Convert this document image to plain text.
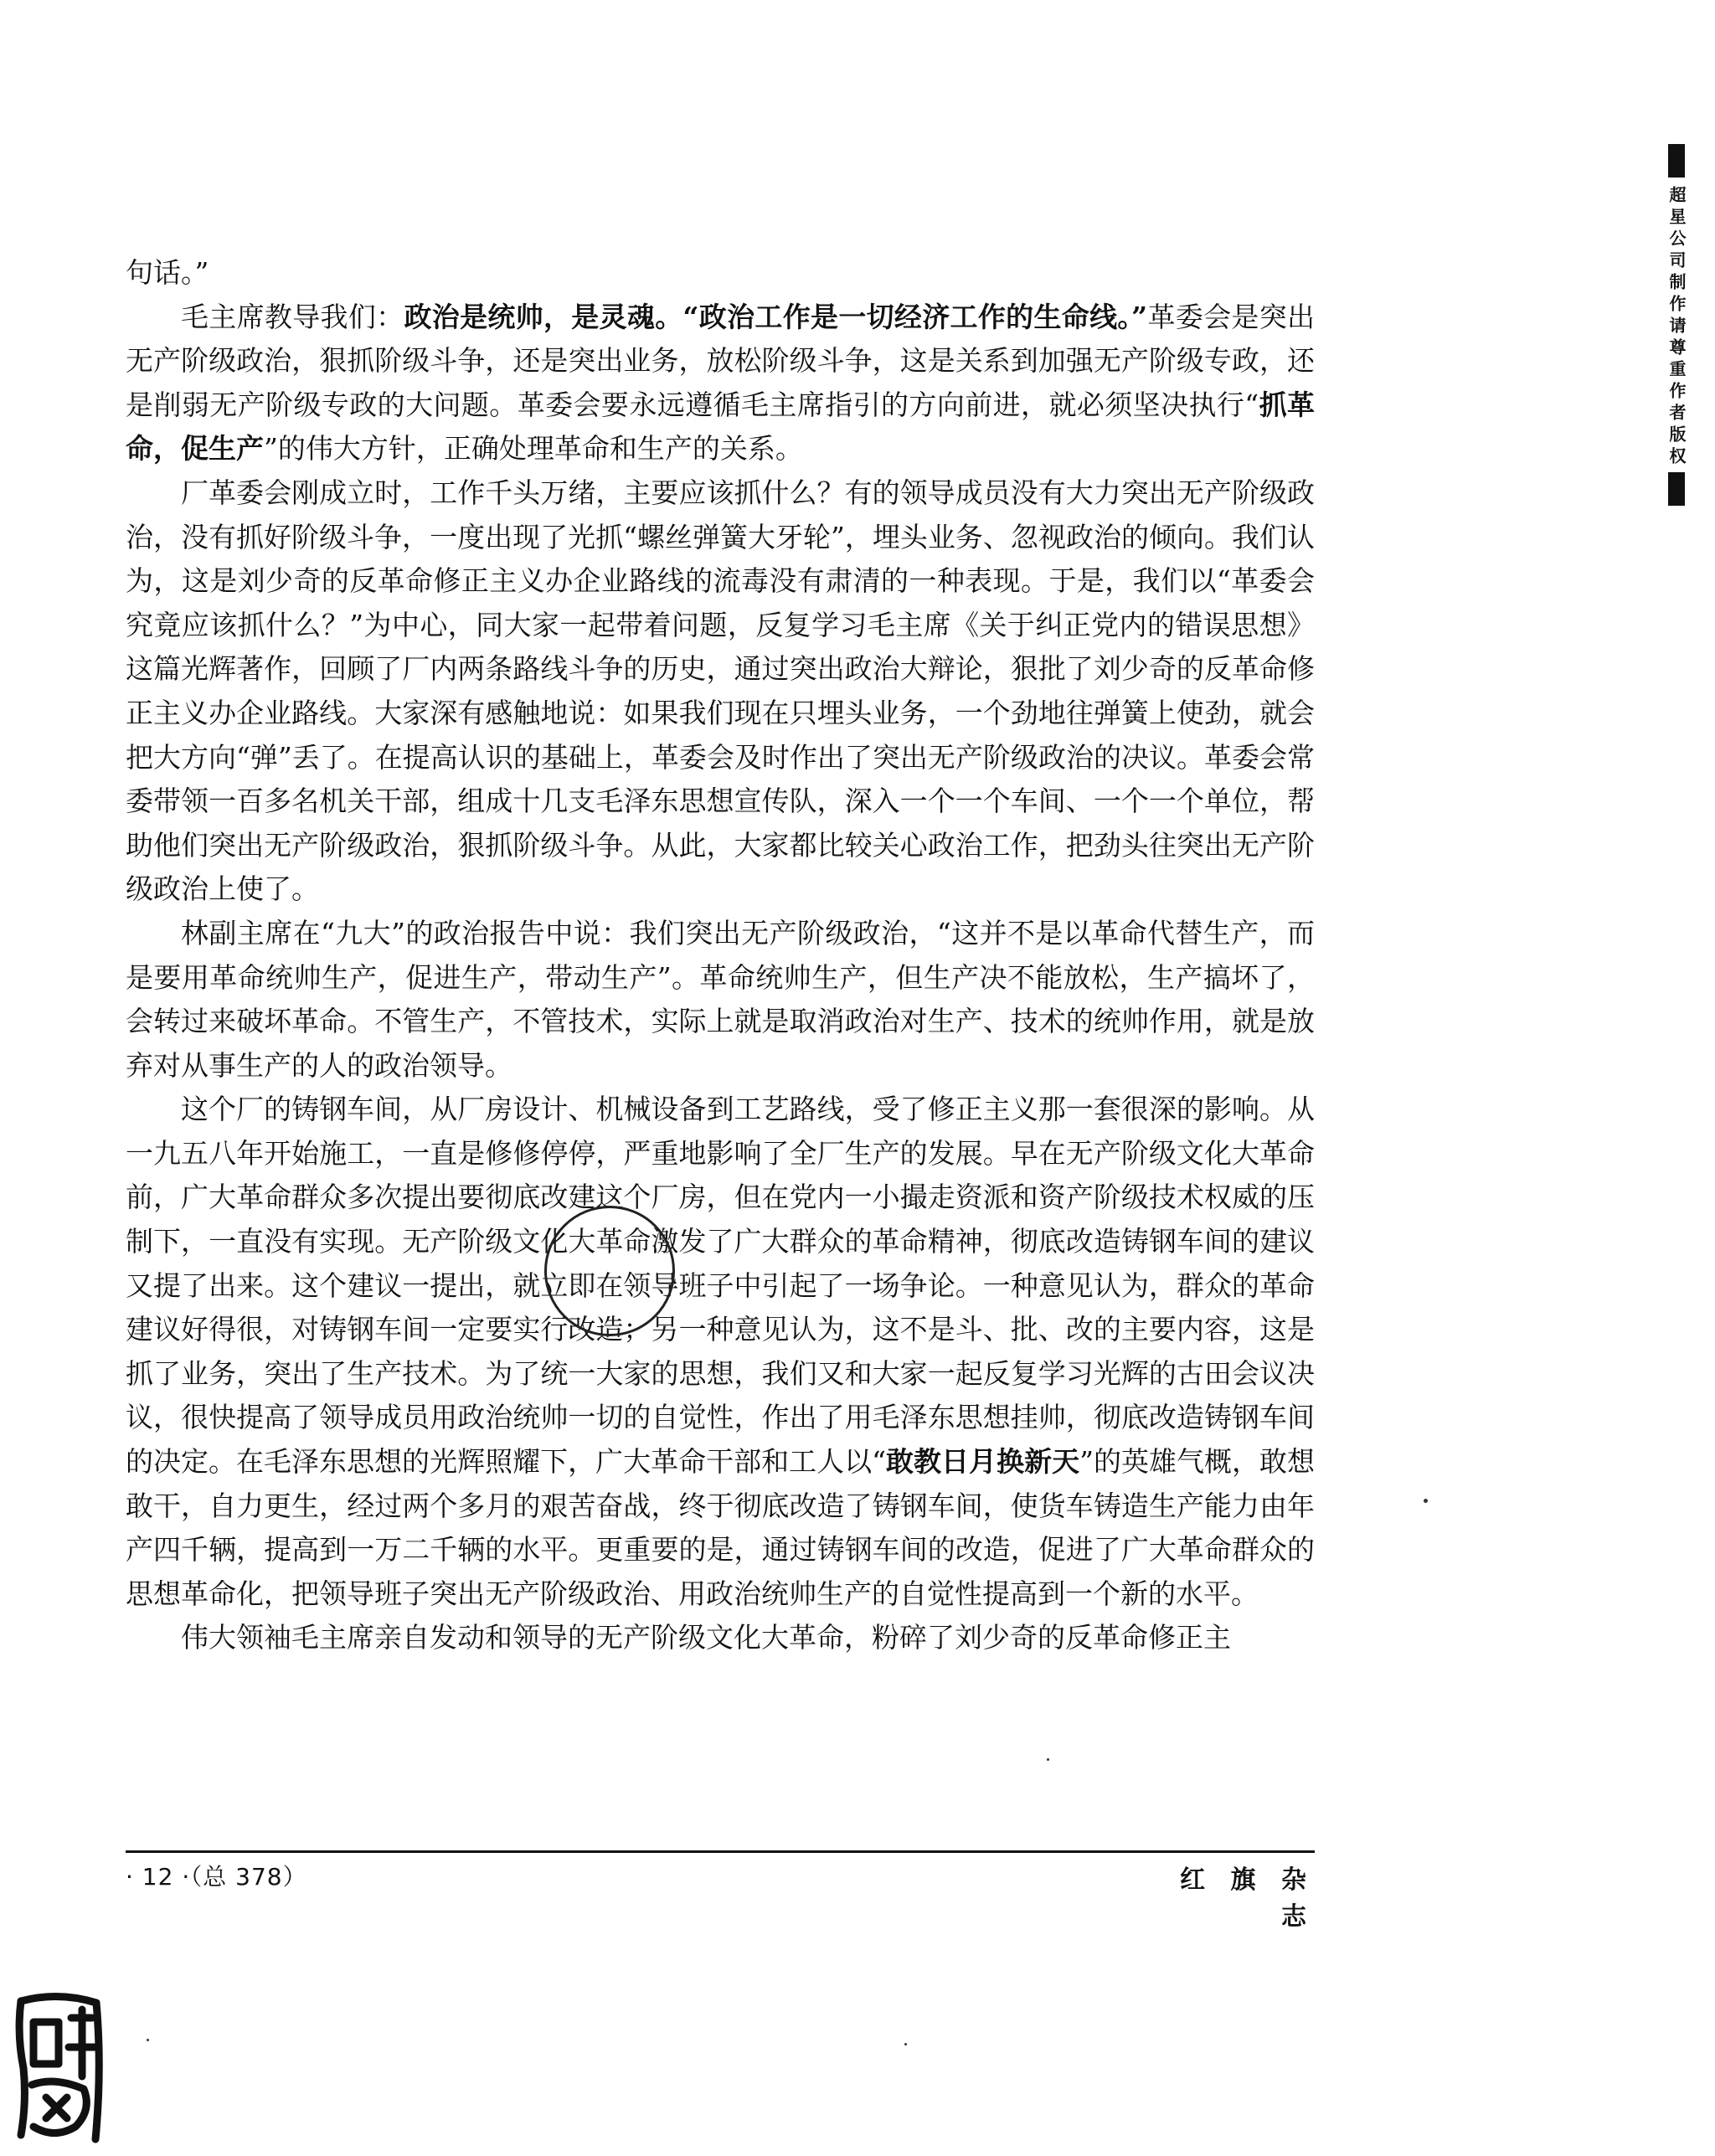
超星公司制作请尊重作者版权

句话。”

毛主席教导我们：政治是统帅，是灵魂。“政治工作是一切经济工作的生命线。”革委会是突出无产阶级政治，狠抓阶级斗争，还是突出业务，放松阶级斗争，这是关系到加强无产阶级专政，还是削弱无产阶级专政的大问题。革委会要永远遵循毛主席指引的方向前进，就必须坚决执行“抓革命，促生产”的伟大方针，正确处理革命和生产的关系。

厂革委会刚成立时，工作千头万绪，主要应该抓什么？有的领导成员没有大力突出无产阶级政治，没有抓好阶级斗争，一度出现了光抓“螺丝弹簧大牙轮”，埋头业务、忽视政治的倾向。我们认为，这是刘少奇的反革命修正主义办企业路线的流毒没有肃清的一种表现。于是，我们以“革委会究竟应该抓什么？”为中心，同大家一起带着问题，反复学习毛主席《关于纠正党内的错误思想》这篇光辉著作，回顾了厂内两条路线斗争的历史，通过突出政治大辩论，狠批了刘少奇的反革命修正主义办企业路线。大家深有感触地说：如果我们现在只埋头业务，一个劲地往弹簧上使劲，就会把大方向“弹”丢了。在提高认识的基础上，革委会及时作出了突出无产阶级政治的决议。革委会常委带领一百多名机关干部，组成十几支毛泽东思想宣传队，深入一个一个车间、一个一个单位，帮助他们突出无产阶级政治，狠抓阶级斗争。从此，大家都比较关心政治工作，把劲头往突出无产阶级政治上使了。

林副主席在“九大”的政治报告中说：我们突出无产阶级政治，“这并不是以革命代替生产，而是要用革命统帅生产，促进生产，带动生产”。革命统帅生产，但生产决不能放松，生产搞坏了，会转过来破坏革命。不管生产，不管技术，实际上就是取消政治对生产、技术的统帅作用，就是放弃对从事生产的人的政治领导。

这个厂的铸钢车间，从厂房设计、机械设备到工艺路线，受了修正主义那一套很深的影响。从一九五八年开始施工，一直是修修停停，严重地影响了全厂生产的发展。早在无产阶级文化大革命前，广大革命群众多次提出要彻底改建这个厂房，但在党内一小撮走资派和资产阶级技术权威的压制下，一直没有实现。无产阶级文化大革命激发了广大群众的革命精神，彻底改造铸钢车间的建议又提了出来。这个建议一提出，就立即在领导班子中引起了一场争论。一种意见认为，群众的革命建议好得很，对铸钢车间一定要实行改造；另一种意见认为，这不是斗、批、改的主要内容，这是抓了业务，突出了生产技术。为了统一大家的思想，我们又和大家一起反复学习光辉的古田会议决议，很快提高了领导成员用政治统帅一切的自觉性，作出了用毛泽东思想挂帅，彻底改造铸钢车间的决定。在毛泽东思想的光辉照耀下，广大革命干部和工人以“敢教日月换新天”的英雄气概，敢想敢干，自力更生，经过两个多月的艰苦奋战，终于彻底改造了铸钢车间，使货车铸造生产能力由年产四千辆，提高到一万二千辆的水平。更重要的是，通过铸钢车间的改造，促进了广大革命群众的思想革命化，把领导班子突出无产阶级政治、用政治统帅生产的自觉性提高到一个新的水平。

伟大领袖毛主席亲自发动和领导的无产阶级文化大革命，粉碎了刘少奇的反革命修正主

· 12 ·（总 378）	红 旗 杂 志
